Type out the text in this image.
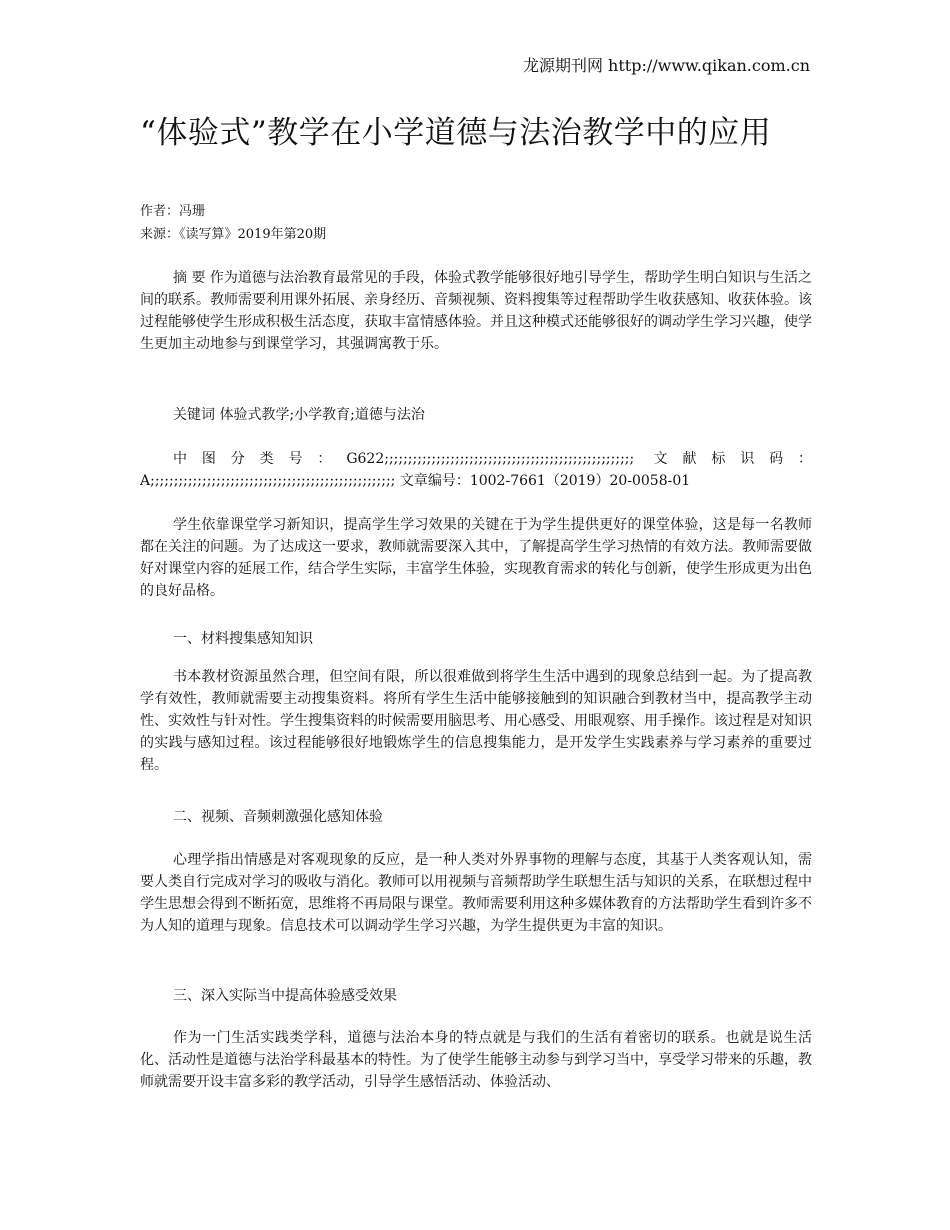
龙源期刊网 http://www.qikan.com.cn
“体验式”教学在小学道德与法治教学中的应用
作者：冯珊
来源：《读写算》2019年第20期

摘 要 作为道德与法治教育最常见的手段，体验式教学能够很好地引导学生，帮助学生明白知识与生活之间的联系。教师需要利用课外拓展、亲身经历、音频视频、资料搜集等过程帮助学生收获感知、收获体验。该过程能够使学生形成积极生活态度，获取丰富情感体验。并且这种模式还能够很好的调动学生学习兴趣，使学生更加主动地参与到课堂学习，其强调寓教于乐。

关键词 体验式教学;小学教育;道德与法治

中图分类号：G622;;;;;;;;;;;;;;;;;;;;;;;;;;;;;;;;;;;;;;;;;;;;;;;;;;;;; 文献标识码：A;;;;;;;;;;;;;;;;;;;;;;;;;;;;;;;;;;;;;;;;;;;;;;;;;;;; 文章编号：1002-7661（2019）20-0058-01

学生依靠课堂学习新知识，提高学生学习效果的关键在于为学生提供更好的课堂体验，这是每一名教师都在关注的问题。为了达成这一要求，教师就需要深入其中，了解提高学生学习热情的有效方法。教师需要做好对课堂内容的延展工作，结合学生实际，丰富学生体验，实现教育需求的转化与创新，使学生形成更为出色的良好品格。

一、材料搜集感知知识

书本教材资源虽然合理，但空间有限，所以很难做到将学生生活中遇到的现象总结到一起。为了提高教学有效性，教师就需要主动搜集资料。将所有学生生活中能够接触到的知识融合到教材当中，提高教学主动性、实效性与针对性。学生搜集资料的时候需要用脑思考、用心感受、用眼观察、用手操作。该过程是对知识的实践与感知过程。该过程能够很好地锻炼学生的信息搜集能力，是开发学生实践素养与学习素养的重要过程。

二、视频、音频刺激强化感知体验

心理学指出情感是对客观现象的反应，是一种人类对外界事物的理解与态度，其基于人类客观认知，需要人类自行完成对学习的吸收与消化。教师可以用视频与音频帮助学生联想生活与知识的关系，在联想过程中学生思想会得到不断拓宽，思维将不再局限与课堂。教师需要利用这种多媒体教育的方法帮助学生看到许多不为人知的道理与现象。信息技术可以调动学生学习兴趣，为学生提供更为丰富的知识。

三、深入实际当中提高体验感受效果

作为一门生活实践类学科，道德与法治本身的特点就是与我们的生活有着密切的联系。也就是说生活化、活动性是道德与法治学科最基本的特性。为了使学生能够主动参与到学习当中，享受学习带来的乐趣，教师就需要开设丰富多彩的教学活动，引导学生感悟活动、体验活动、
